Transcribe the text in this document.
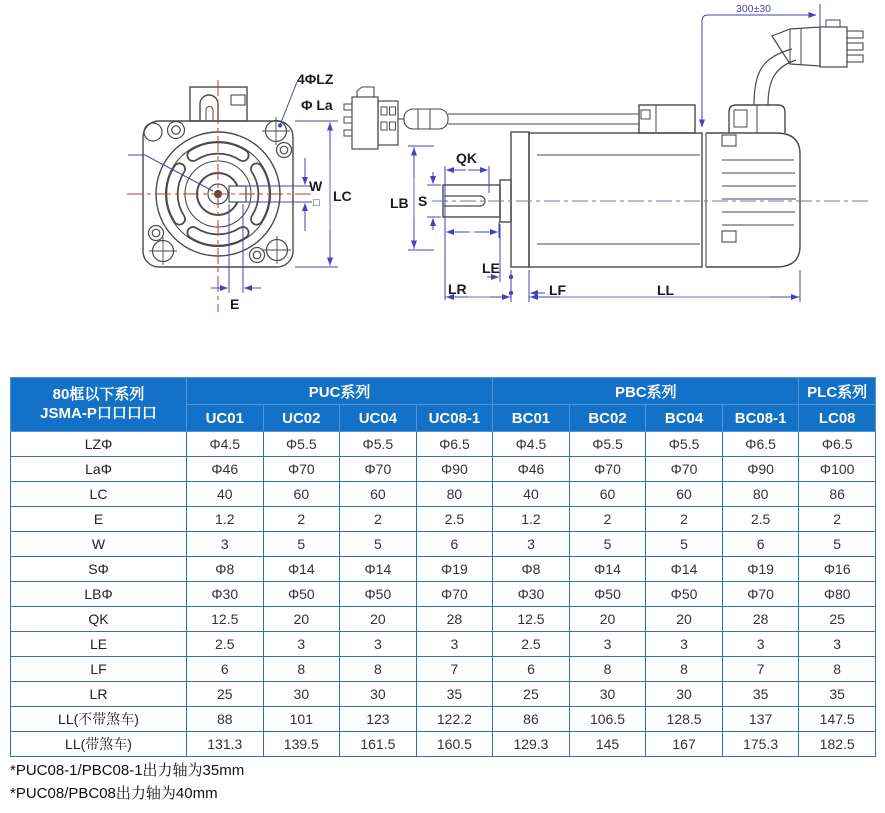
4ΦLZ
Φ La
W
□ LC
E
300±30
QK
S
LB
LE
LR	LF	LL
80框以下系列
JSMA-P口口口口	PUC系列				PBC系列				PLC系列
	UC01	UC02	UC04	UC08-1	BC01	BC02	BC04	BC08-1	LC08
LZΦ	Φ4.5	Φ5.5	Φ5.5	Φ6.5	Φ4.5	Φ5.5	Φ5.5	Φ6.5	Φ6.5
LaΦ	Φ46	Φ70	Φ70	Φ90	Φ46	Φ70	Φ70	Φ90	Φ100
LC	40	60	60	80	40	60	60	80	86
E	1.2	2	2	2.5	1.2	2	2	2.5	2
W	3	5	5	6	3	5	5	6	5
SΦ	Φ8	Φ14	Φ14	Φ19	Φ8	Φ14	Φ14	Φ19	Φ16
LBΦ	Φ30	Φ50	Φ50	Φ70	Φ30	Φ50	Φ50	Φ70	Φ80
QK	12.5	20	20	28	12.5	20	20	28	25
LE	2.5	3	3	3	2.5	3	3	3	3
LF	6	8	8	7	6	8	8	7	8
LR	25	30	30	35	25	30	30	35	35
LL(不带煞车)	88	101	123	122.2	86	106.5	128.5	137	147.5
LL(带煞车)	131.3	139.5	161.5	160.5	129.3	145	167	175.3	182.5
*PUC08-1/PBC08-1出力轴为35mm
*PUC08/PBC08出力轴为40mm
